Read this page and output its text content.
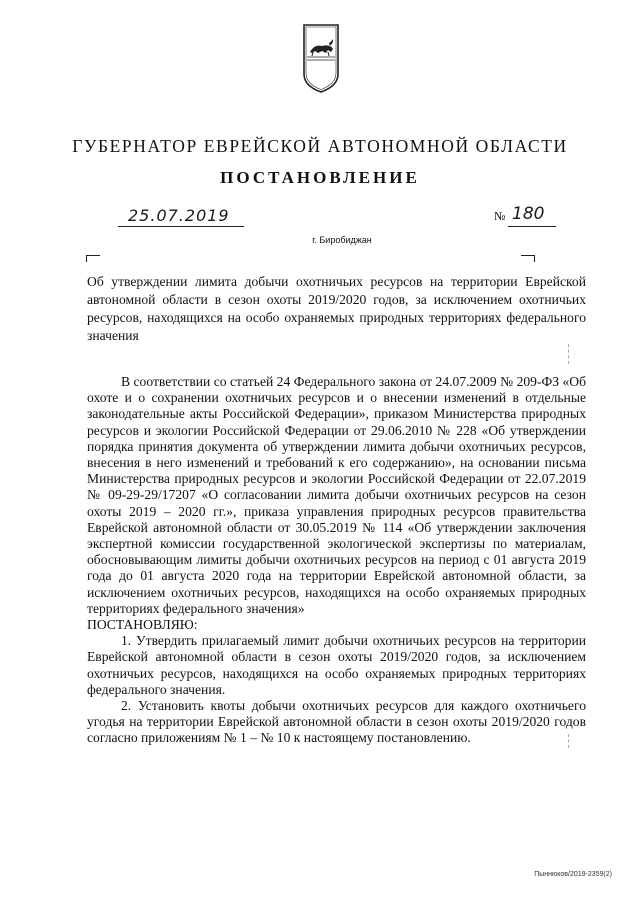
ГУБЕРНАТОР ЕВРЕЙСКОЙ АВТОНОМНОЙ ОБЛАСТИ
ПОСТАНОВЛЕНИЕ
25.07.2019	№ 180
г. Биробиджан
Об утверждении лимита добычи охотничьих ресурсов на территории Еврейской автономной области в сезон охоты 2019/2020 годов, за исключением охотничьих ресурсов, находящихся на особо охраняемых природных территориях федерального значения

В соответствии со статьей 24 Федерального закона от 24.07.2009 № 209-ФЗ «Об охоте и о сохранении охотничьих ресурсов и о внесении изменений в отдельные законодательные акты Российской Федерации», приказом Министерства природных ресурсов и экологии Российской Федерации от 29.06.2010 № 228 «Об утверждении порядка принятия документа об утверждении лимита добычи охотничьих ресурсов, внесения в него изменений и требований к его содержанию», на основании письма Министерства природных ресурсов и экологии Российской Федерации от 22.07.2019 № 09-29-29/17207 «О согласовании лимита добычи охотничьих ресурсов на сезон охоты 2019 – 2020 гг.», приказа управления природных ресурсов правительства Еврейской автономной области от 30.05.2019 № 114 «Об утверждении заключения экспертной комиссии государственной экологической экспертизы по материалам, обосновывающим лимиты добычи охотничьих ресурсов на период с 01 августа 2019 года до 01 августа 2020 года на территории Еврейской автономной области, за исключением охотничьих ресурсов, находящихся на особо охраняемых природных территориях федерального значения»

ПОСТАНОВЛЯЮ:

1. Утвердить прилагаемый лимит добычи охотничьих ресурсов на территории Еврейской автономной области в сезон охоты 2019/2020 годов, за исключением охотничьих ресурсов, находящихся на особо охраняемых природных территориях федерального значения.

2. Установить квоты добычи охотничьих ресурсов для каждого охотничьего угодья на территории Еврейской автономной области в сезон охоты 2019/2020 годов согласно приложениям № 1 – № 10 к настоящему постановлению.

Пыннюков/2019-2359(2)
